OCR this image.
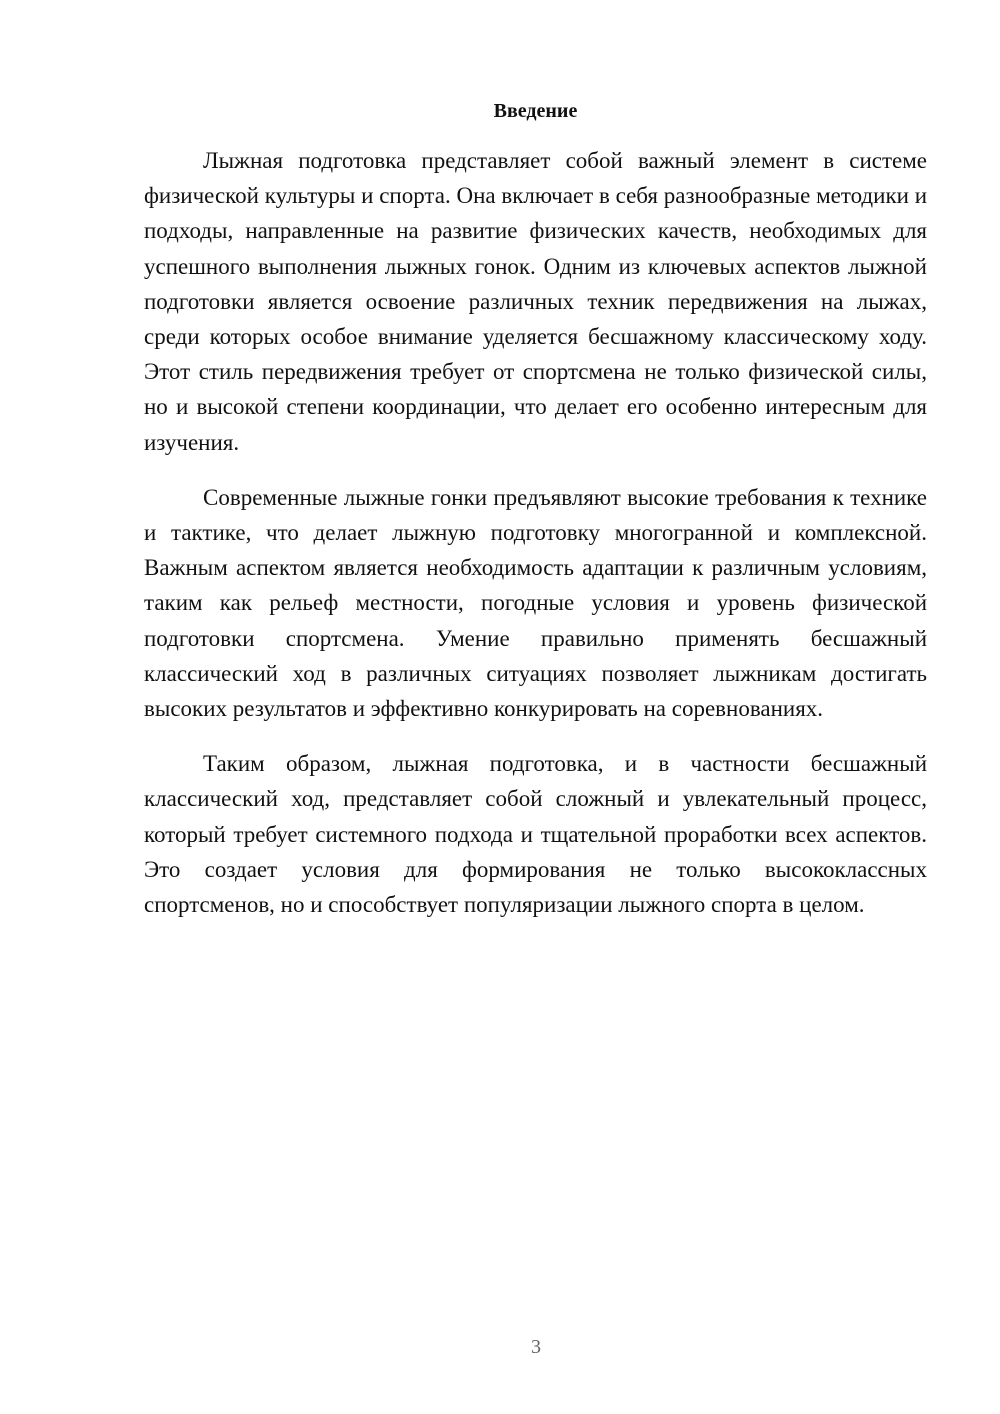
Введение

Лыжная подготовка представляет собой важный элемент в системе физической культуры и спорта. Она включает в себя разнообразные методики и подходы, направленные на развитие физических качеств, необходимых для успешного выполнения лыжных гонок. Одним из ключевых аспектов лыжной подготовки является освоение различных техник передвижения на лыжах, среди которых особое внимание уделяется бесшажному классическому ходу. Этот стиль передвижения требует от спортсмена не только физической силы, но и высокой степени координации, что делает его особенно интересным для изучения.

Современные лыжные гонки предъявляют высокие требования к технике и тактике, что делает лыжную подготовку многогранной и комплексной. Важным аспектом является необходимость адаптации к различным условиям, таким как рельеф местности, погодные условия и уровень физической подготовки спортсмена. Умение правильно применять бесшажный классический ход в различных ситуациях позволяет лыжникам достигать высоких результатов и эффективно конкурировать на соревнованиях.

Таким образом, лыжная подготовка, и в частности бесшажный классический ход, представляет собой сложный и увлекательный процесс, который требует системного подхода и тщательной проработки всех аспектов. Это создает условия для формирования не только высококлассных спортсменов, но и способствует популяризации лыжного спорта в целом.

3
